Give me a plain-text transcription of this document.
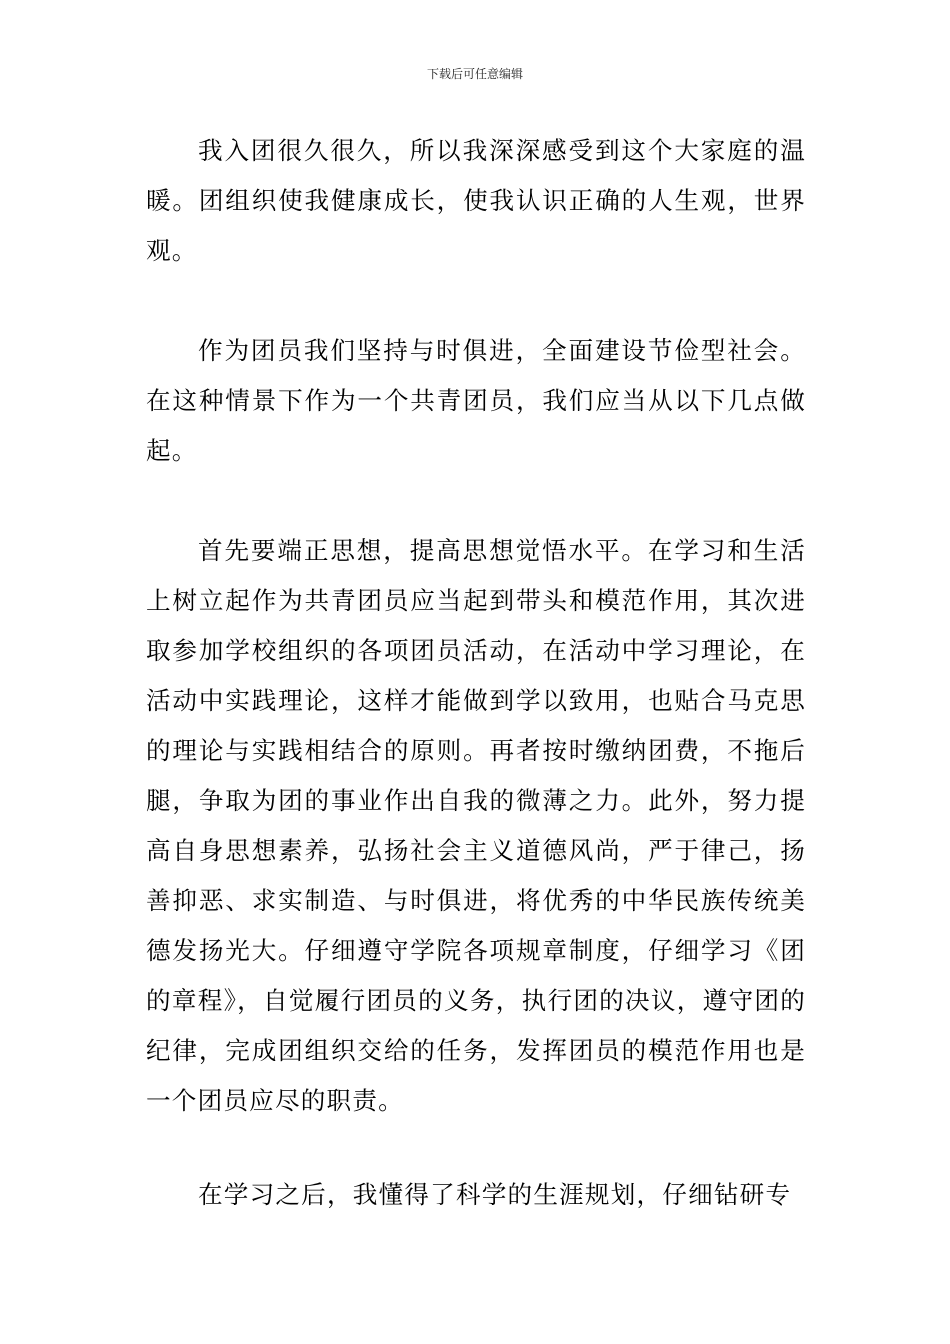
下载后可任意编辑
我入团很久很久，所以我深深感受到这个大家庭的温暖。团组织使我健康成长，使我认识正确的人生观，世界观。
作为团员我们坚持与时俱进，全面建设节俭型社会。在这种情景下作为一个共青团员，我们应当从以下几点做起。
首先要端正思想，提高思想觉悟水平。在学习和生活上树立起作为共青团员应当起到带头和模范作用，其次进取参加学校组织的各项团员活动，在活动中学习理论，在活动中实践理论，这样才能做到学以致用，也贴合马克思的理论与实践相结合的原则。再者按时缴纳团费，不拖后腿，争取为团的事业作出自我的微薄之力。此外，努力提高自身思想素养，弘扬社会主义道德风尚，严于律己，扬善抑恶、求实制造、与时俱进，将优秀的中华民族传统美德发扬光大。仔细遵守学院各项规章制度，仔细学习《团的章程》，自觉履行团员的义务，执行团的决议，遵守团的纪律，完成团组织交给的任务，发挥团员的模范作用也是一个团员应尽的职责。
在学习之后，我懂得了科学的生涯规划，仔细钻研专
